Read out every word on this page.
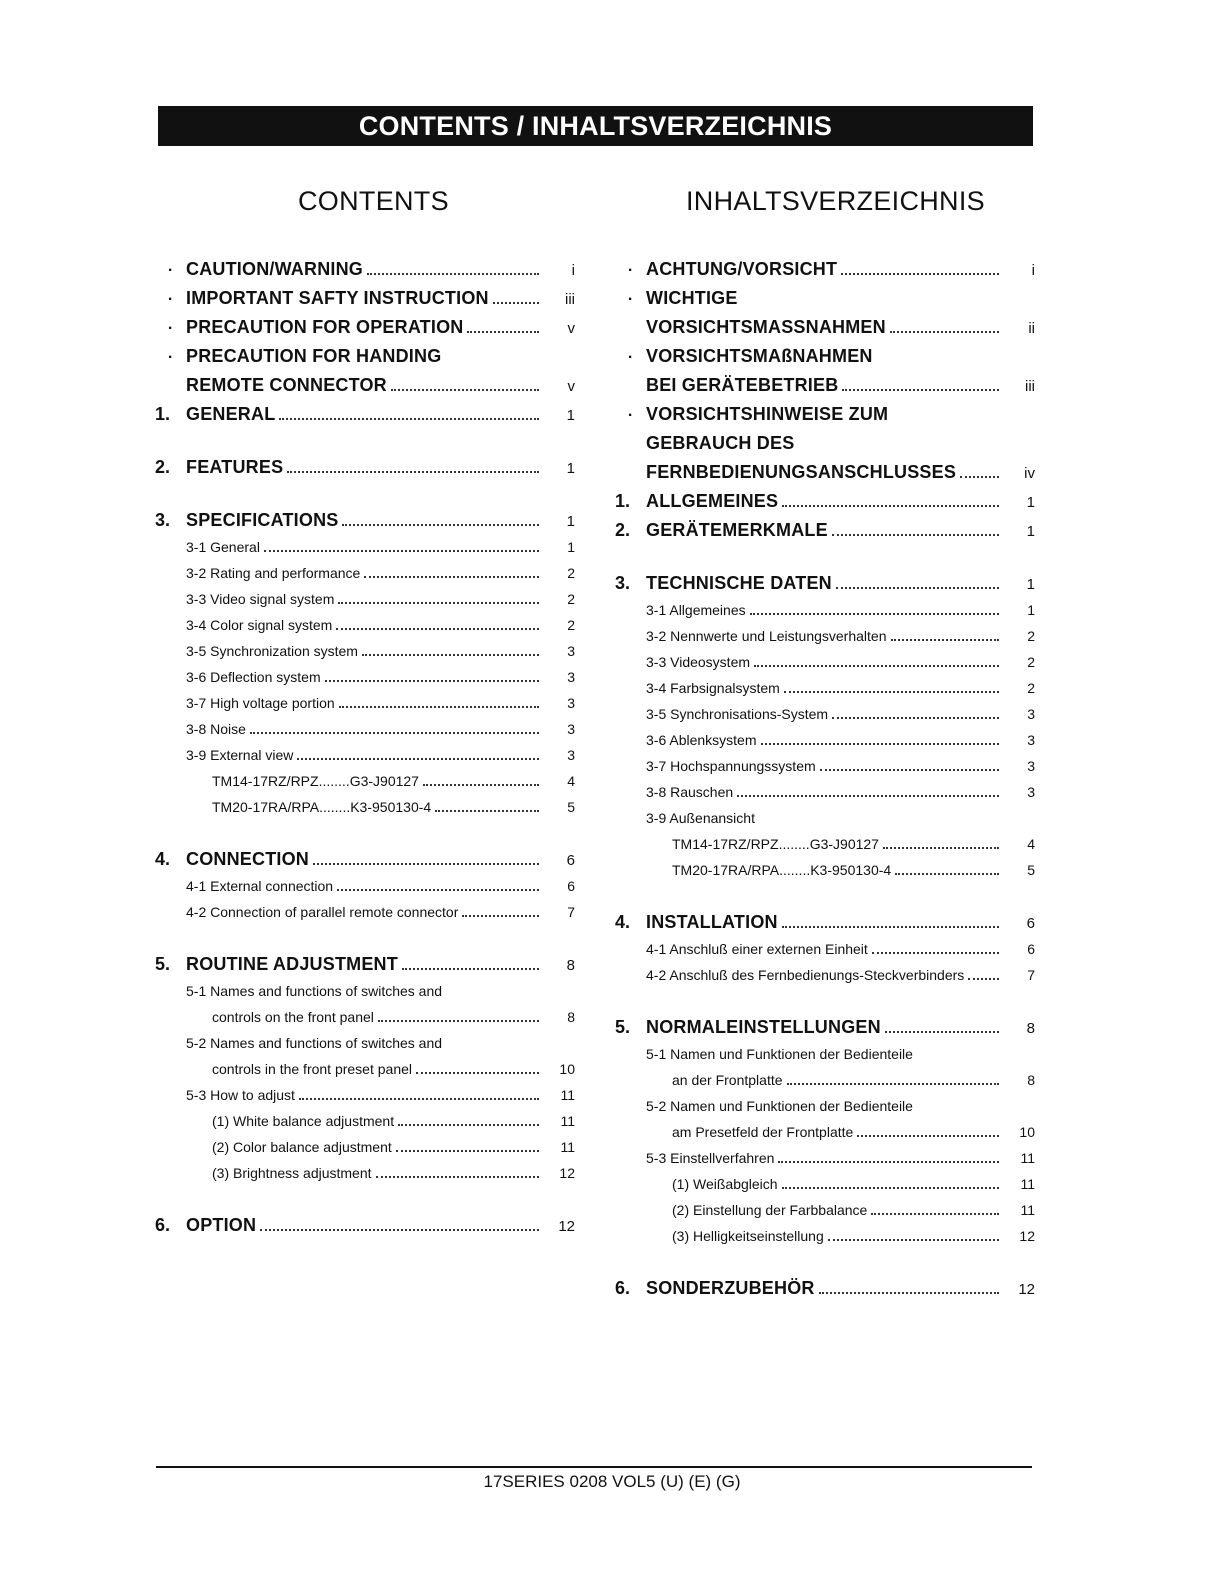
CONTENTS / INHALTSVERZEICHNIS
CONTENTS	INHALTSVERZEICHNIS
· CAUTION/WARNING	i
· IMPORTANT SAFTY INSTRUCTION	iii
· PRECAUTION FOR OPERATION	v
· PRECAUTION FOR HANDING
REMOTE CONNECTOR	v
1. GENERAL	1
2. FEATURES	1
3. SPECIFICATIONS	1
3-1 General	1
3-2 Rating and performance	2
3-3 Video signal system	2
3-4 Color signal system	2
3-5 Synchronization system	3
3-6 Deflection system	3
3-7 High voltage portion	3
3-8 Noise	3
3-9 External view	3
TM14-17RZ/RPZ........G3-J90127	4
TM20-17RA/RPA........K3-950130-4	5
4. CONNECTION	6
4-1 External connection	6
4-2 Connection of parallel remote connector	7
5. ROUTINE ADJUSTMENT	8
5-1 Names and functions of switches and
controls on the front panel	8
5-2 Names and functions of switches and
controls in the front preset panel	10
5-3 How to adjust	11
(1) White balance adjustment	11
(2) Color balance adjustment	11
(3) Brightness adjustment	12
6. OPTION	12
· ACHTUNG/VORSICHT	i
· WICHTIGE
VORSICHTSMASSNAHMEN	ii
· VORSICHTSMAßNAHMEN
BEI GERÄTEBETRIEB	iii
· VORSICHTSHINWEISE ZUM
GEBRAUCH DES
FERNBEDIENUNGSANSCHLUSSES	iv
1. ALLGEMEINES	1
2. GERÄTEMERKMALE	1
3. TECHNISCHE DATEN	1
3-1 Allgemeines	1
3-2 Nennwerte und Leistungsverhalten	2
3-3 Videosystem	2
3-4 Farbsignalsystem	2
3-5 Synchronisations-System	3
3-6 Ablenksystem	3
3-7 Hochspannungssystem	3
3-8 Rauschen	3
3-9 Außenansicht
TM14-17RZ/RPZ........G3-J90127	4
TM20-17RA/RPA........K3-950130-4	5
4. INSTALLATION	6
4-1 Anschluß einer externen Einheit	6
4-2 Anschluß des Fernbedienungs-Steckverbinders	7
5. NORMALEINSTELLUNGEN	8
5-1 Namen und Funktionen der Bedienteile
an der Frontplatte	8
5-2 Namen und Funktionen der Bedienteile
am Presetfeld der Frontplatte	10
5-3 Einstellverfahren	11
(1) Weißabgleich	11
(2) Einstellung der Farbbalance	11
(3) Helligkeitseinstellung	12
6. SONDERZUBEHÖR	12
17SERIES 0208 VOL5 (U) (E) (G)
